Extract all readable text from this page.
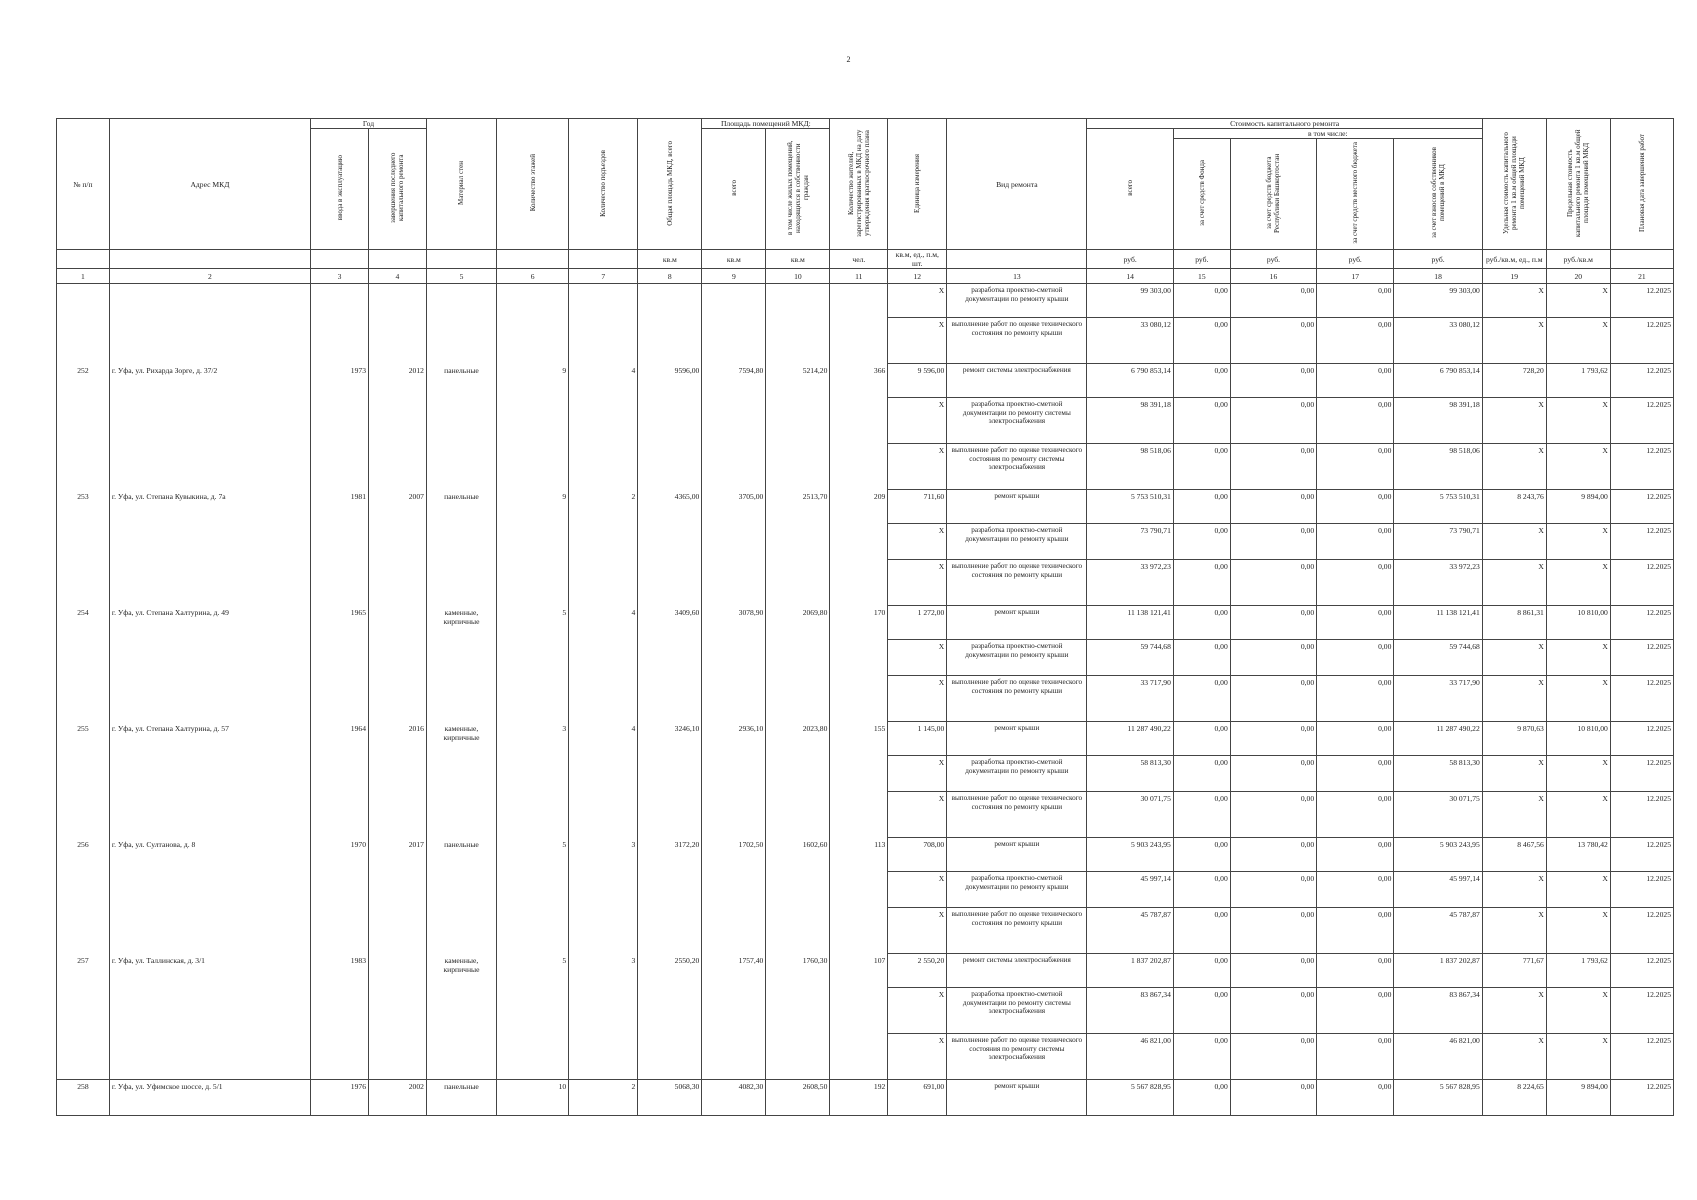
2
№ п/п	Адрес МКД	Год		Материал стен	Количество этажей	Количество подъездов	Общая площадь МКД, всего	Площадь помещений МКД:		Количество жителей, зарегистрированных в МКД на дату утверждения краткосрочного плана	Единица измерения	Вид ремонта	Стоимость капитального ремонта					Удельная стоимость капитального ремонта 1 кв.м общей площади помещений МКД	Предельная стоимость капитального ремонта 1 кв.м общей площади помещений МКД	Плановая дата завершения работ
		ввода в эксплуатацию	завершения последнего капитального ремонта					всего	в том числе жилых помещений, находящихся в собственности граждан				всего	в том числе:						
														за счет средств Фонда	за счет средств бюджета Республики Башкортостан	за счет средств местного бюджета	за счет взносов собственников помещений в МКД			
							кв.м	кв.м	кв.м	чел.	кв.м, ед., п.м, шт.		руб.	руб.	руб.	руб.	руб.	руб./кв.м, ед., п.м	руб./кв.м	
1	2	3	4	5	6	7	8	9	10	11	12	13	14	15	16	17	18	19	20	21
											X	разработка проектно-сметной документации по ремонту крыши	99 303,00	0,00	0,00	0,00	99 303,00	X	X	12.2025
											X	выполнение работ по оценке технического состояния по ремонту крыши	33 080,12	0,00	0,00	0,00	33 080,12	X	X	12.2025
252	г. Уфа, ул. Рихарда Зорге, д. 37/2	1973	2012	панельные	9	4	9596,00	7594,80	5214,20	366	9 596,00	ремонт системы электроснабжения	6 790 853,14	0,00	0,00	0,00	6 790 853,14	728,20	1 793,62	12.2025
											X	разработка проектно-сметной документации по ремонту системы электроснабжения	98 391,18	0,00	0,00	0,00	98 391,18	X	X	12.2025
											X	выполнение работ по оценке технического состояния по ремонту системы электроснабжения	98 518,06	0,00	0,00	0,00	98 518,06	X	X	12.2025
253	г. Уфа, ул. Степана Кувыкина, д. 7а	1981	2007	панельные	9	2	4365,00	3705,00	2513,70	209	711,60	ремонт крыши	5 753 510,31	0,00	0,00	0,00	5 753 510,31	8 243,76	9 894,00	12.2025
											X	разработка проектно-сметной документации по ремонту крыши	73 790,71	0,00	0,00	0,00	73 790,71	X	X	12.2025
											X	выполнение работ по оценке технического состояния по ремонту крыши	33 972,23	0,00	0,00	0,00	33 972,23	X	X	12.2025
254	г. Уфа, ул. Степана Халтурина, д. 49	1965		каменные, кирпичные	5	4	3409,60	3078,90	2069,80	170	1 272,00	ремонт крыши	11 138 121,41	0,00	0,00	0,00	11 138 121,41	8 861,31	10 810,00	12.2025
											X	разработка проектно-сметной документации по ремонту крыши	59 744,68	0,00	0,00	0,00	59 744,68	X	X	12.2025
											X	выполнение работ по оценке технического состояния по ремонту крыши	33 717,90	0,00	0,00	0,00	33 717,90	X	X	12.2025
255	г. Уфа, ул. Степана Халтурина, д. 57	1964	2016	каменные, кирпичные	3	4	3246,10	2936,10	2023,80	155	1 145,00	ремонт крыши	11 287 490,22	0,00	0,00	0,00	11 287 490,22	9 870,63	10 810,00	12.2025
											X	разработка проектно-сметной документации по ремонту крыши	58 813,30	0,00	0,00	0,00	58 813,30	X	X	12.2025
											X	выполнение работ по оценке технического состояния по ремонту крыши	30 071,75	0,00	0,00	0,00	30 071,75	X	X	12.2025
256	г. Уфа, ул. Султанова, д. 8	1970	2017	панельные	5	3	3172,20	1702,50	1602,60	113	708,00	ремонт крыши	5 903 243,95	0,00	0,00	0,00	5 903 243,95	8 467,56	13 780,42	12.2025
											X	разработка проектно-сметной документации по ремонту крыши	45 997,14	0,00	0,00	0,00	45 997,14	X	X	12.2025
											X	выполнение работ по оценке технического состояния по ремонту крыши	45 787,87	0,00	0,00	0,00	45 787,87	X	X	12.2025
257	г. Уфа, ул. Таллинская, д. 3/1	1983		каменные, кирпичные	5	3	2550,20	1757,40	1760,30	107	2 550,20	ремонт системы электроснабжения	1 837 202,87	0,00	0,00	0,00	1 837 202,87	771,67	1 793,62	12.2025
											X	разработка проектно-сметной документации по ремонту системы электроснабжения	83 867,34	0,00	0,00	0,00	83 867,34	X	X	12.2025
											X	выполнение работ по оценке технического состояния по ремонту системы электроснабжения	46 821,00	0,00	0,00	0,00	46 821,00	X	X	12.2025
258	г. Уфа, ул. Уфимское шоссе, д. 5/1	1976	2002	панельные	10	2	5068,30	4082,30	2608,50	192	691,00	ремонт крыши	5 567 828,95	0,00	0,00	0,00	5 567 828,95	8 224,65	9 894,00	12.2025
